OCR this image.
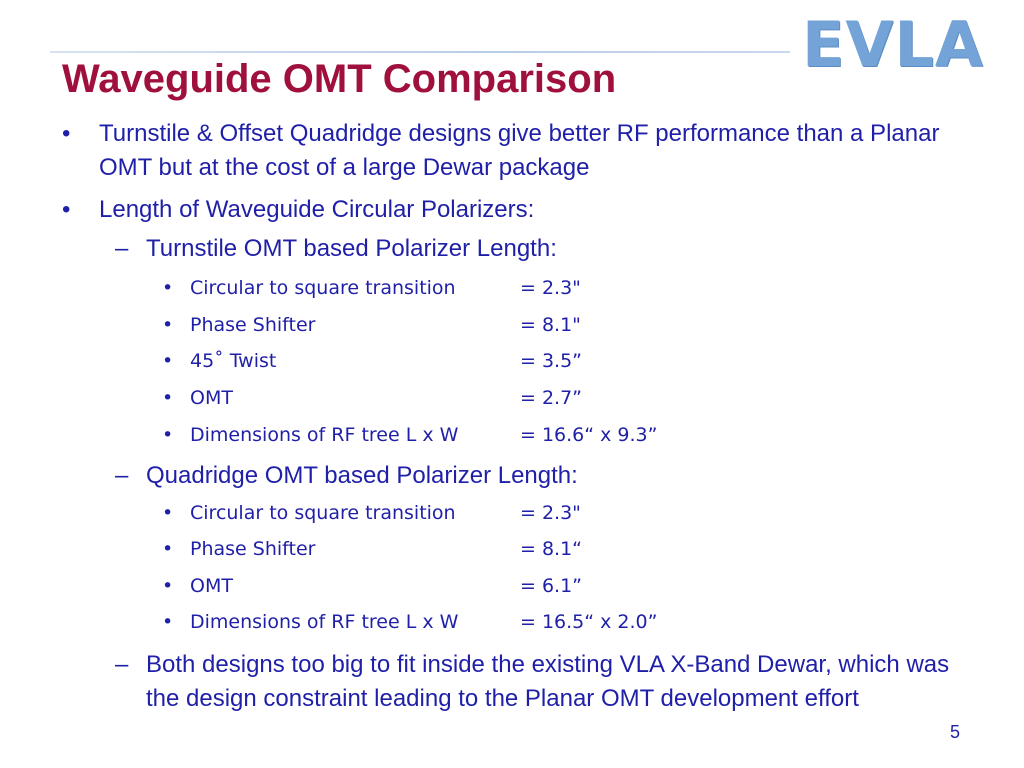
EVLA
Waveguide OMT Comparison
• Turnstile & Offset Quadridge designs give better RF performance than a Planar OMT but at the cost of a large Dewar package
• Length of Waveguide Circular Polarizers:
– Turnstile OMT based Polarizer Length:
• Circular to square transition	= 2.3"
• Phase Shifter	= 8.1"
• 45˚ Twist	= 3.5”
• OMT	= 2.7”
• Dimensions of RF tree L x W	= 16.6“ x 9.3”
– Quadridge OMT based Polarizer Length:
• Circular to square transition	= 2.3"
• Phase Shifter	= 8.1“
• OMT	= 6.1”
• Dimensions of RF tree L x W	= 16.5“ x 2.0”
– Both designs too big to fit inside the existing VLA X-Band Dewar, which was the design constraint leading to the Planar OMT development effort
5
